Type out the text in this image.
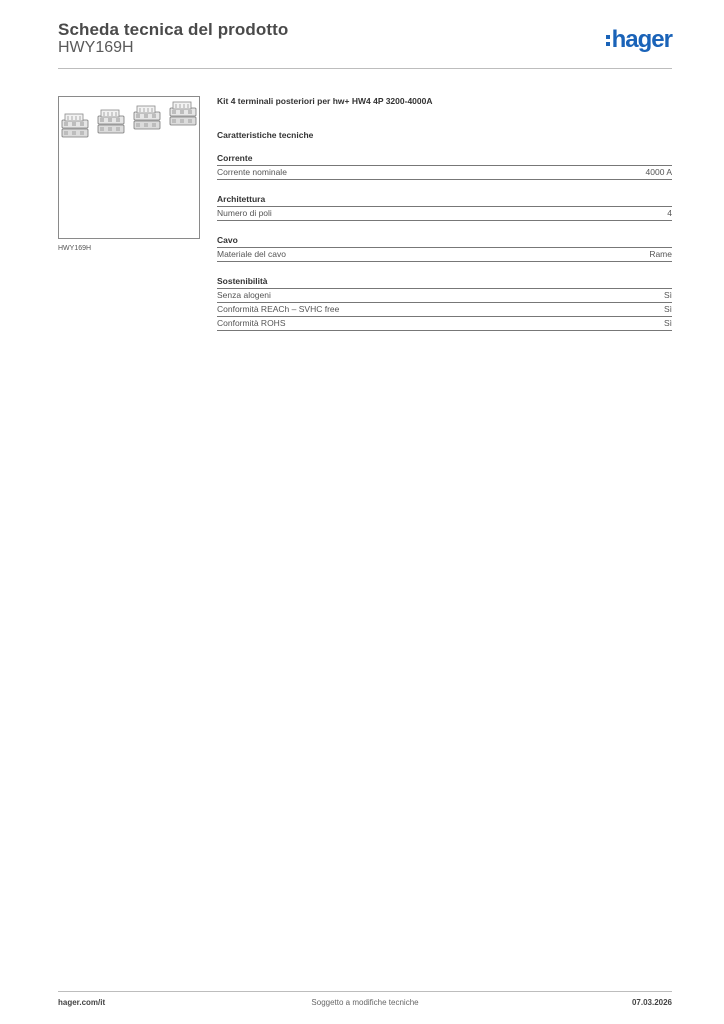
Scheda tecnica del prodotto
HWY169H	hager
HWY169H
Kit 4 terminali posteriori per hw+ HW4 4P 3200-4000A
Caratteristiche tecniche
Corrente
Corrente nominale	4000 A
Architettura
Numero di poli	4
Cavo
Materiale del cavo	Rame
Sostenibilità
Senza alogeni	Sì
Conformità REACh – SVHC free	Sì
Conformità ROHS	Sì
hager.com/it	Soggetto a modifiche tecniche	07.03.2026
